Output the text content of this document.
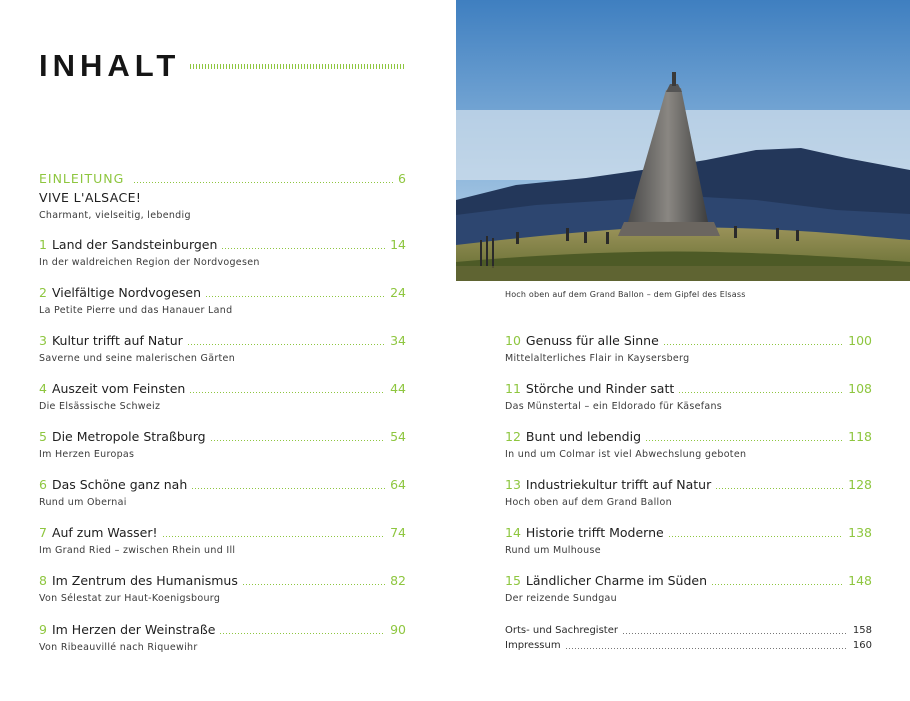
INHALT
EINLEITUNG	6
VIVE L'ALSACE!
Charmant, vielseitig, lebendig
1 Land der Sandsteinburgen	14
In der waldreichen Region der Nordvogesen
2 Vielfältige Nordvogesen	24
La Petite Pierre und das Hanauer Land
3 Kultur trifft auf Natur	34
Saverne und seine malerischen Gärten
4 Auszeit vom Feinsten	44
Die Elsässische Schweiz
5 Die Metropole Straßburg	54
Im Herzen Europas
6 Das Schöne ganz nah	64
Rund um Obernai
7 Auf zum Wasser!	74
Im Grand Ried – zwischen Rhein und Ill
8 Im Zentrum des Humanismus	82
Von Sélestat zur Haut-Koenigsbourg
9 Im Herzen der Weinstraße	90
Von Ribeauvillé nach Riquewihr
Hoch oben auf dem Grand Ballon – dem Gipfel des Elsass
10 Genuss für alle Sinne	100
Mittelalterliches Flair in Kaysersberg
11 Störche und Rinder satt	108
Das Münstertal – ein Eldorado für Käsefans
12 Bunt und lebendig	118
In und um Colmar ist viel Abwechslung geboten
13 Industriekultur trifft auf Natur	128
Hoch oben auf dem Grand Ballon
14 Historie trifft Moderne	138
Rund um Mulhouse
15 Ländlicher Charme im Süden	148
Der reizende Sundgau
Orts- und Sachregister	158
Impressum	160
